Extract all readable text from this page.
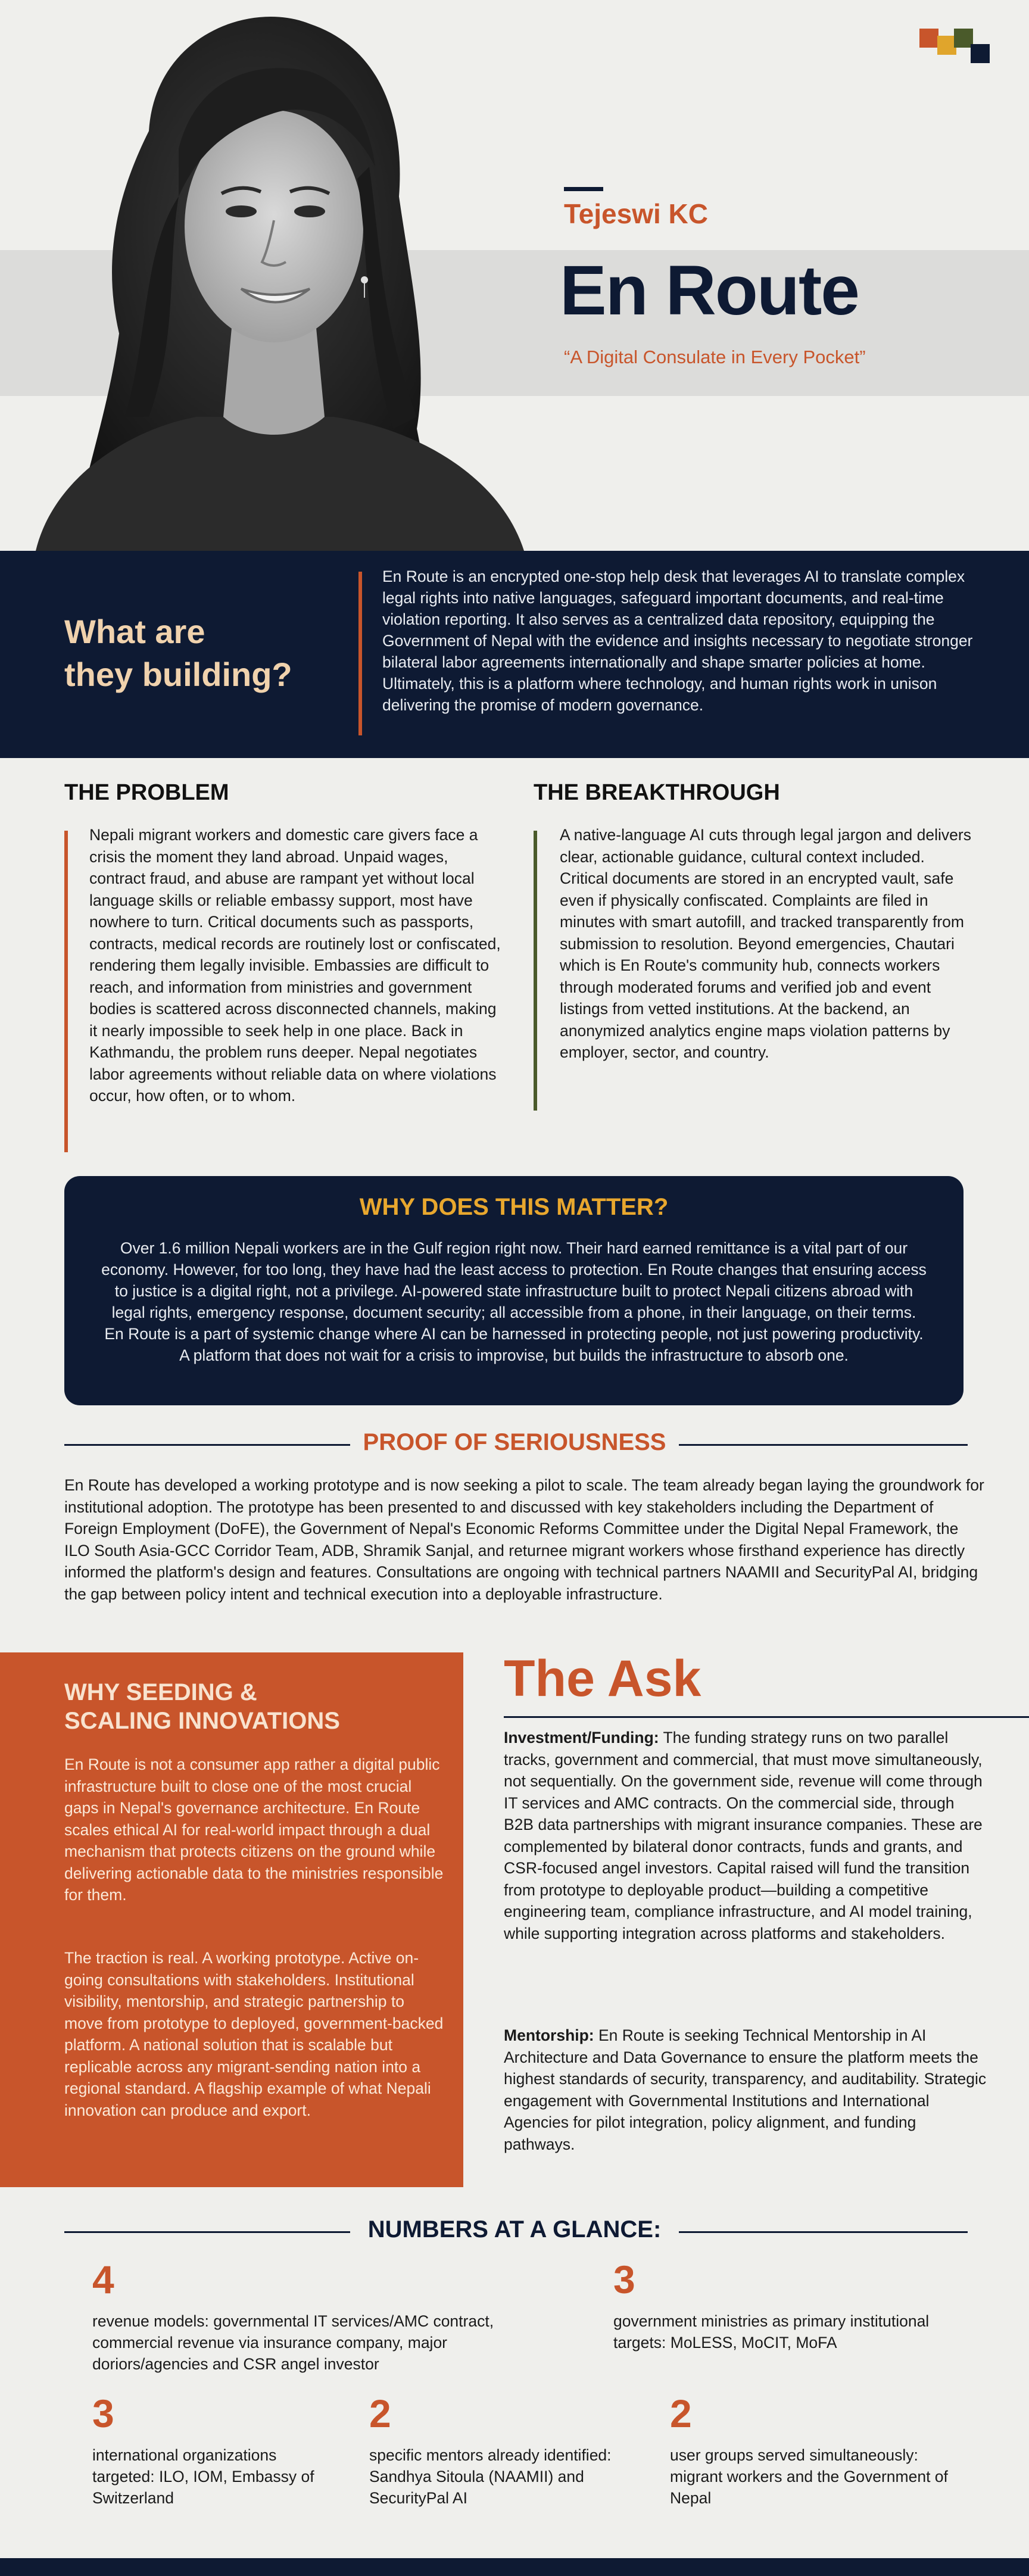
Tejeswi KC
En Route
“A Digital Consulate in Every Pocket”
What are
they building?
En Route is an encrypted one-stop help desk that leverages AI to translate complex legal rights into native languages, safeguard important documents, and real-time violation reporting. It also serves as a centralized data repository, equipping the Government of Nepal with the evidence and insights necessary to negotiate stronger bilateral labor agreements internationally and shape smarter policies at home. Ultimately, this is a platform where technology, and human rights work in unison delivering the promise of modern governance.
THE PROBLEM
Nepali migrant workers and domestic care givers face a crisis the moment they land abroad. Unpaid wages, contract fraud, and abuse are rampant yet without local language skills or reliable embassy support, most have nowhere to turn. Critical documents such as passports, contracts, medical records are routinely lost or confiscated, rendering them legally invisible. Embassies are difficult to reach, and information from ministries and government bodies is scattered across disconnected channels, making it nearly impossible to seek help in one place. Back in Kathmandu, the problem runs deeper. Nepal negotiates labor agreements without reliable data on where violations occur, how often, or to whom.
THE BREAKTHROUGH
A native-language AI cuts through legal jargon and delivers clear, actionable guidance, cultural context included. Critical documents are stored in an encrypted vault, safe even if physically confiscated. Complaints are filed in minutes with smart autofill, and tracked transparently from submission to resolution. Beyond emergencies, Chautari which is En Route's community hub, connects workers through moderated forums and verified job and event listings from vetted institutions. At the backend, an anonymized analytics engine maps violation patterns by employer, sector, and country.
WHY DOES THIS MATTER?
Over 1.6 million Nepali workers are in the Gulf region right now. Their hard earned remittance is a vital part of our economy. However, for too long, they have had the least access to protection. En Route changes that ensuring access to justice is a digital right, not a privilege. AI-powered state infrastructure built to protect Nepali citizens abroad with legal rights, emergency response, document security; all accessible from a phone, in their language, on their terms. En Route is a part of systemic change where AI can be harnessed in protecting people, not just powering productivity. A platform that does not wait for a crisis to improvise, but builds the infrastructure to absorb one.
PROOF OF SERIOUSNESS
En Route has developed a working prototype and is now seeking a pilot to scale. The team already began laying the groundwork for institutional adoption. The prototype has been presented to and discussed with key stakeholders including the Department of Foreign Employment (DoFE), the Government of Nepal's Economic Reforms Committee under the Digital Nepal Framework, the ILO South Asia-GCC Corridor Team, ADB, Shramik Sanjal, and returnee migrant workers whose firsthand experience has directly informed the platform's design and features. Consultations are ongoing with technical partners NAAMII and SecurityPal AI, bridging the gap between policy intent and technical execution into a deployable infrastructure.
WHY SEEDING &
SCALING INNOVATIONS
En Route is not a consumer app rather a digital public infrastructure built to close one of the most crucial gaps in Nepal's governance architecture. En Route scales ethical AI for real-world impact through a dual mechanism that protects citizens on the ground while delivering actionable data to the ministries responsible for them.
The traction is real. A working prototype. Active on-going consultations with stakeholders. Institutional visibility, mentorship, and strategic partnership to move from prototype to deployed, government-backed platform. A national solution that is scalable but replicable across any migrant-sending nation into a regional standard. A flagship example of what Nepali innovation can produce and export.
The Ask
Investment/Funding: The funding strategy runs on two parallel tracks, government and commercial, that must move simultaneously, not sequentially. On the government side, revenue will come through IT services and AMC contracts. On the commercial side, through B2B data partnerships with migrant insurance companies. These are complemented by bilateral donor contracts, funds and grants, and CSR-focused angel investors. Capital raised will fund the transition from prototype to deployable product—building a competitive engineering team, compliance infrastructure, and AI model training, while supporting integration across platforms and stakeholders.
Mentorship: En Route is seeking Technical Mentorship in AI Architecture and Data Governance to ensure the platform meets the highest standards of security, transparency, and auditability. Strategic engagement with Governmental Institutions and International Agencies for pilot integration, policy alignment, and funding pathways.
NUMBERS AT A GLANCE:
4
revenue models: governmental IT services/AMC contract, commercial revenue via insurance company, major doriors/agencies and CSR angel investor
3
government ministries as primary institutional targets: MoLESS, MoCIT, MoFA
3
international organizations targeted: ILO, IOM, Embassy of Switzerland
2
specific mentors already identified: Sandhya Sitoula (NAAMII) and SecurityPal AI
2
user groups served simultaneously: migrant workers and the Government of Nepal
